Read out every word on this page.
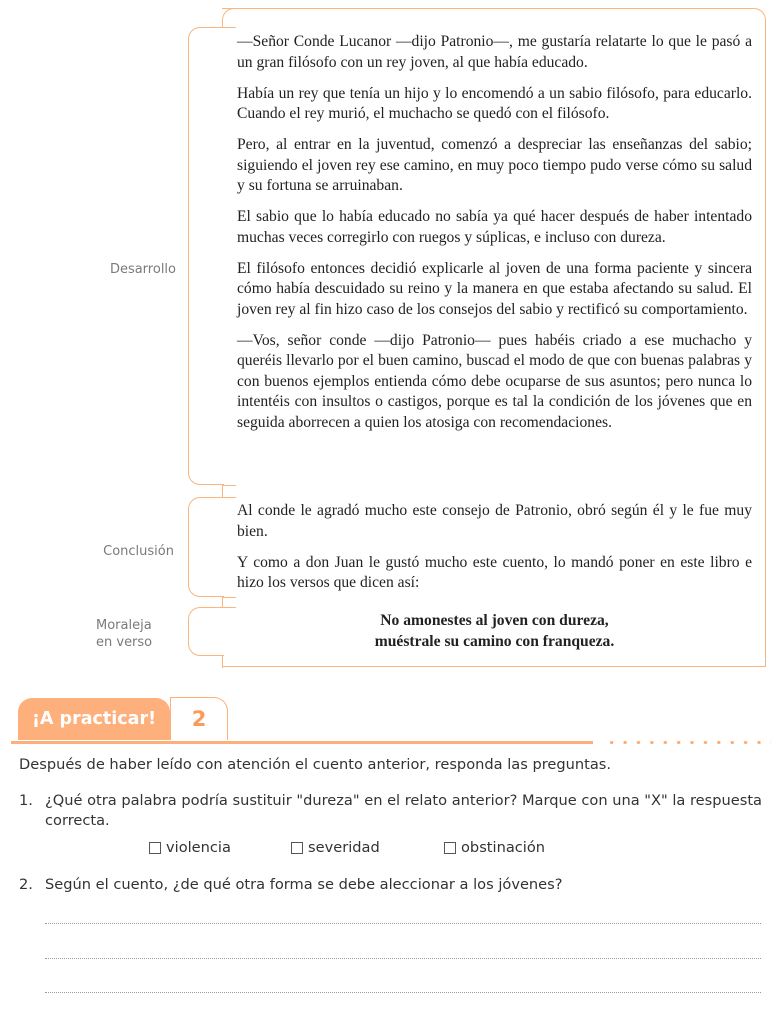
Desarrollo
Conclusión
Moraleja
en verso

—Señor Conde Lucanor —dijo Patronio—, me gustaría relatarte lo que le pasó a un gran filósofo con un rey joven, al que había educado.

Había un rey que tenía un hijo y lo encomendó a un sabio filósofo, para educarlo. Cuando el rey murió, el muchacho se quedó con el filósofo.

Pero, al entrar en la juventud, comenzó a despreciar las enseñanzas del sabio; siguiendo el joven rey ese camino, en muy poco tiempo pudo verse cómo su salud y su fortuna se arruinaban.

El sabio que lo había educado no sabía ya qué hacer después de haber intentado muchas veces corregirlo con ruegos y súplicas, e incluso con dureza.

El filósofo entonces decidió explicarle al joven de una forma paciente y sincera cómo había descuidado su reino y la manera en que estaba afectando su salud. El joven rey al fin hizo caso de los consejos del sabio y rectificó su comportamiento.

—Vos, señor conde —dijo Patronio— pues habéis criado a ese muchacho y queréis llevarlo por el buen camino, buscad el modo de que con buenas palabras y con buenos ejemplos entienda cómo debe ocuparse de sus asuntos; pero nunca lo intentéis con insultos o castigos, porque es tal la condición de los jóvenes que en seguida aborrecen a quien los atosiga con recomendaciones.

Al conde le agradó mucho este consejo de Patronio, obró según él y le fue muy bien.

Y como a don Juan le gustó mucho este cuento, lo mandó poner en este libro e hizo los versos que dicen así:

No amonestes al joven con dureza,
muéstrale su camino con franqueza.
¡A practicar!	2
Después de haber leído con atención el cuento anterior, responda las preguntas.
1. ¿Qué otra palabra podría sustituir "dureza" en el relato anterior? Marque con una "X" la respuesta
correcta.
violencia	severidad	obstinación
2. Según el cuento, ¿de qué otra forma se debe aleccionar a los jóvenes?
